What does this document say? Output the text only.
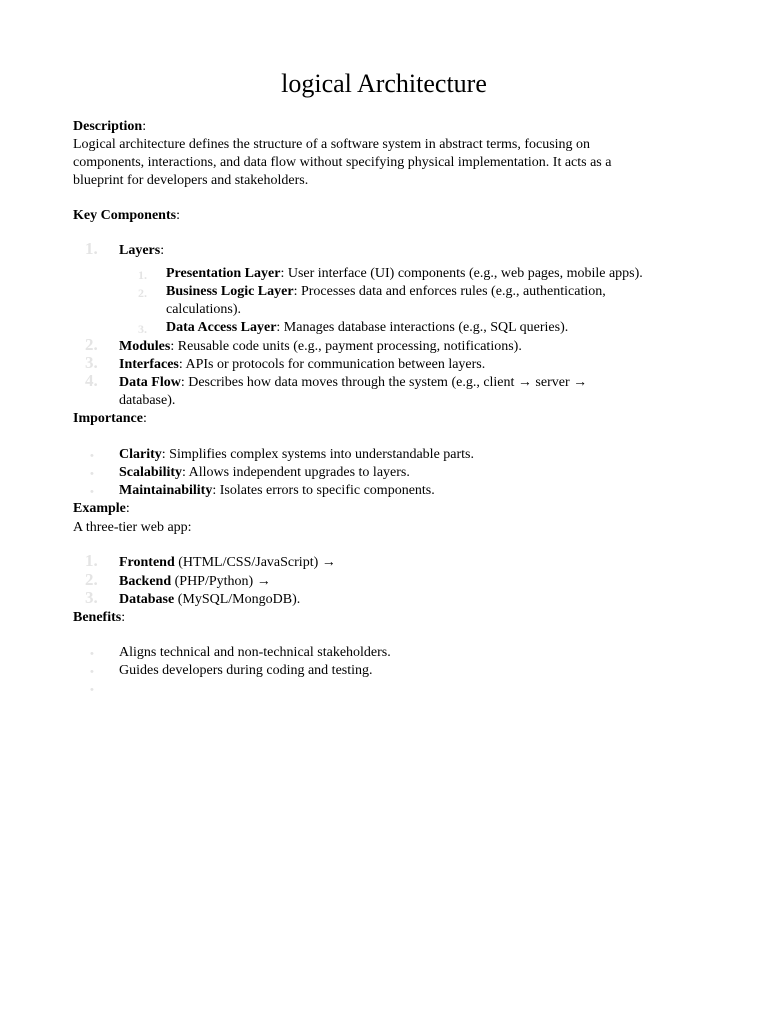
logical Architecture
Description:
Logical architecture defines the structure of a software system in abstract terms, focusing on
components, interactions, and data flow without specifying physical implementation. It acts as a
blueprint for developers and stakeholders.
Key Components:
1. Layers:
1. Presentation Layer: User interface (UI) components (e.g., web pages, mobile apps).
2. Business Logic Layer: Processes data and enforces rules (e.g., authentication,
calculations).
3. Data Access Layer: Manages database interactions (e.g., SQL queries).
2. Modules: Reusable code units (e.g., payment processing, notifications).
3. Interfaces: APIs or protocols for communication between layers.
4. Data Flow: Describes how data moves through the system (e.g., client → server →
database).
Importance:
• Clarity: Simplifies complex systems into understandable parts.
• Scalability: Allows independent upgrades to layers.
• Maintainability: Isolates errors to specific components.
Example:
A three-tier web app:
1. Frontend (HTML/CSS/JavaScript) →
2. Backend (PHP/Python) →
3. Database (MySQL/MongoDB).
Benefits:
• Aligns technical and non-technical stakeholders.
• Guides developers during coding and testing.
•
